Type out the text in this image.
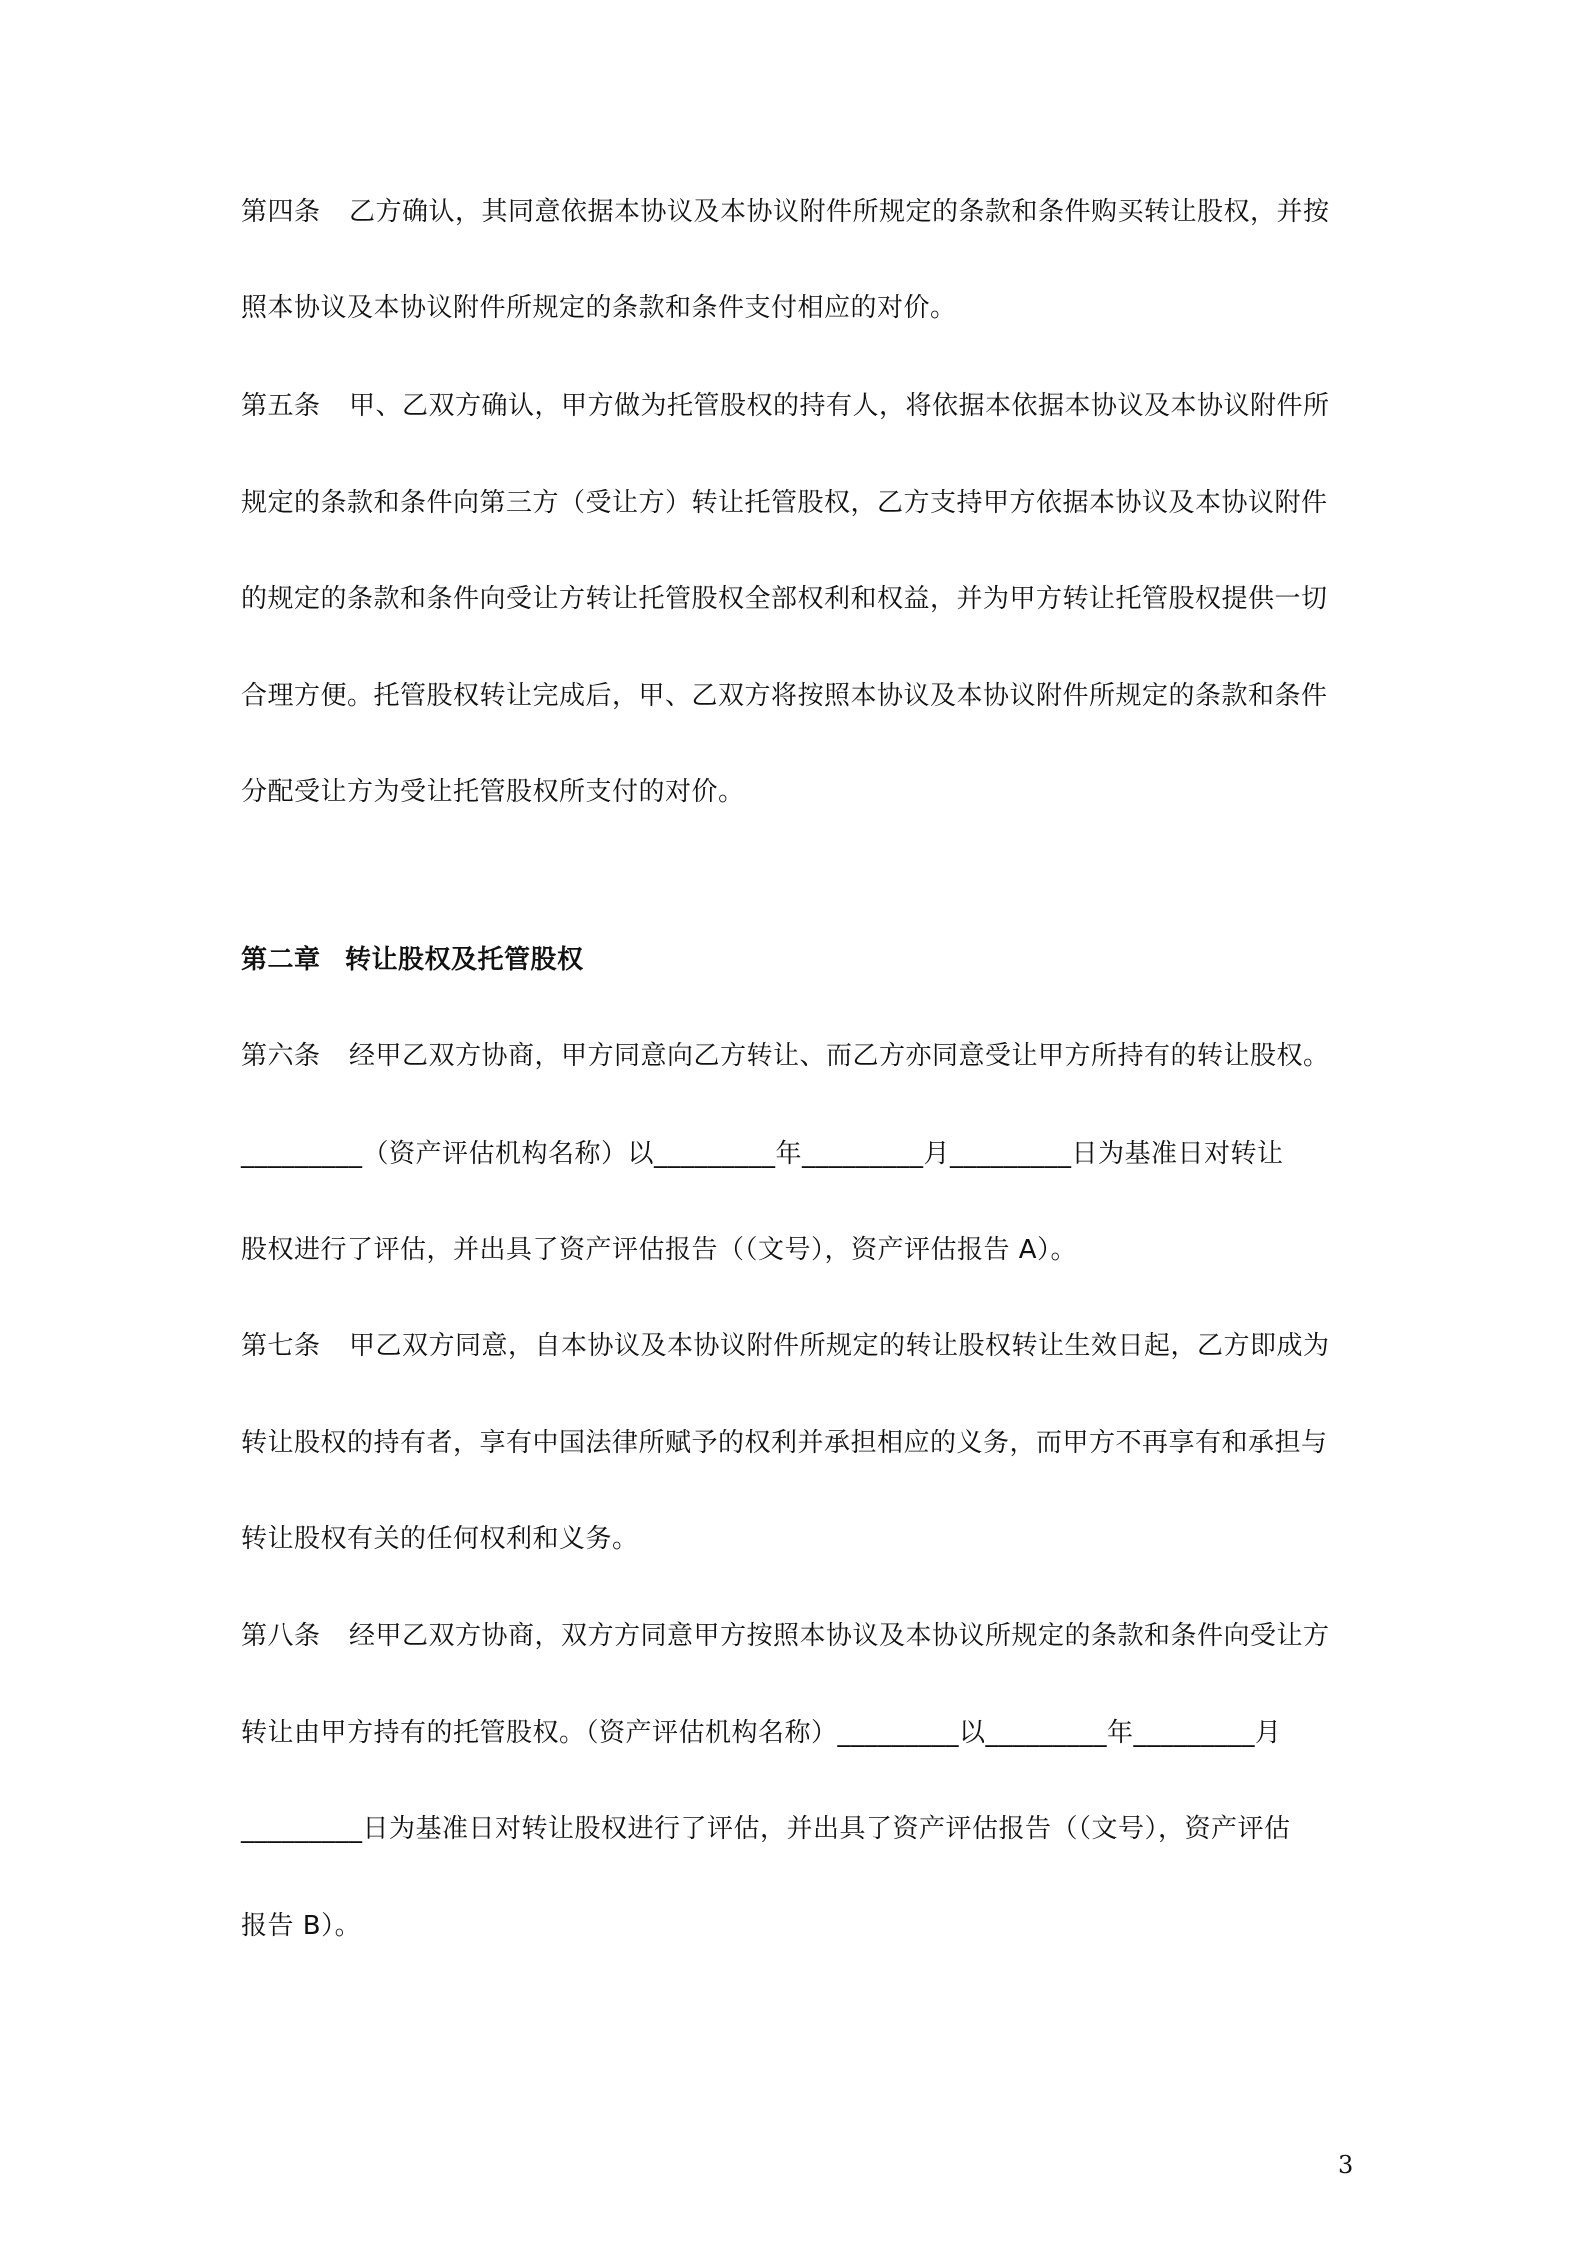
第四条 乙方确认，其同意依据本协议及本协议附件所规定的条款和条件购买转让股权，并按
照本协议及本协议附件所规定的条款和条件支付相应的对价。
第五条 甲、乙双方确认，甲方做为托管股权的持有人，将依据本依据本协议及本协议附件所
规定的条款和条件向第三方（受让方）转让托管股权，乙方支持甲方依据本协议及本协议附件
的规定的条款和条件向受让方转让托管股权全部权利和权益，并为甲方转让托管股权提供一切
合理方便。托管股权转让完成后，甲、乙双方将按照本协议及本协议附件所规定的条款和条件
分配受让方为受让托管股权所支付的对价。
第二章 转让股权及托管股权
第六条 经甲乙双方协商，甲方同意向乙方转让、而乙方亦同意受让甲方所持有的转让股权。
_________（资产评估机构名称）以_________年_________月_________日为基准日对转让
股权进行了评估，并出具了资产评估报告（（文号），资产评估报告 A）。
第七条 甲乙双方同意，自本协议及本协议附件所规定的转让股权转让生效日起，乙方即成为
转让股权的持有者，享有中国法律所赋予的权利并承担相应的义务，而甲方不再享有和承担与
转让股权有关的任何权利和义务。
第八条 经甲乙双方协商，双方方同意甲方按照本协议及本协议所规定的条款和条件向受让方
转让由甲方持有的托管股权。（资产评估机构名称）_________以_________年_________月
_________日为基准日对转让股权进行了评估，并出具了资产评估报告（（文号），资产评估
报告 B）。
3
